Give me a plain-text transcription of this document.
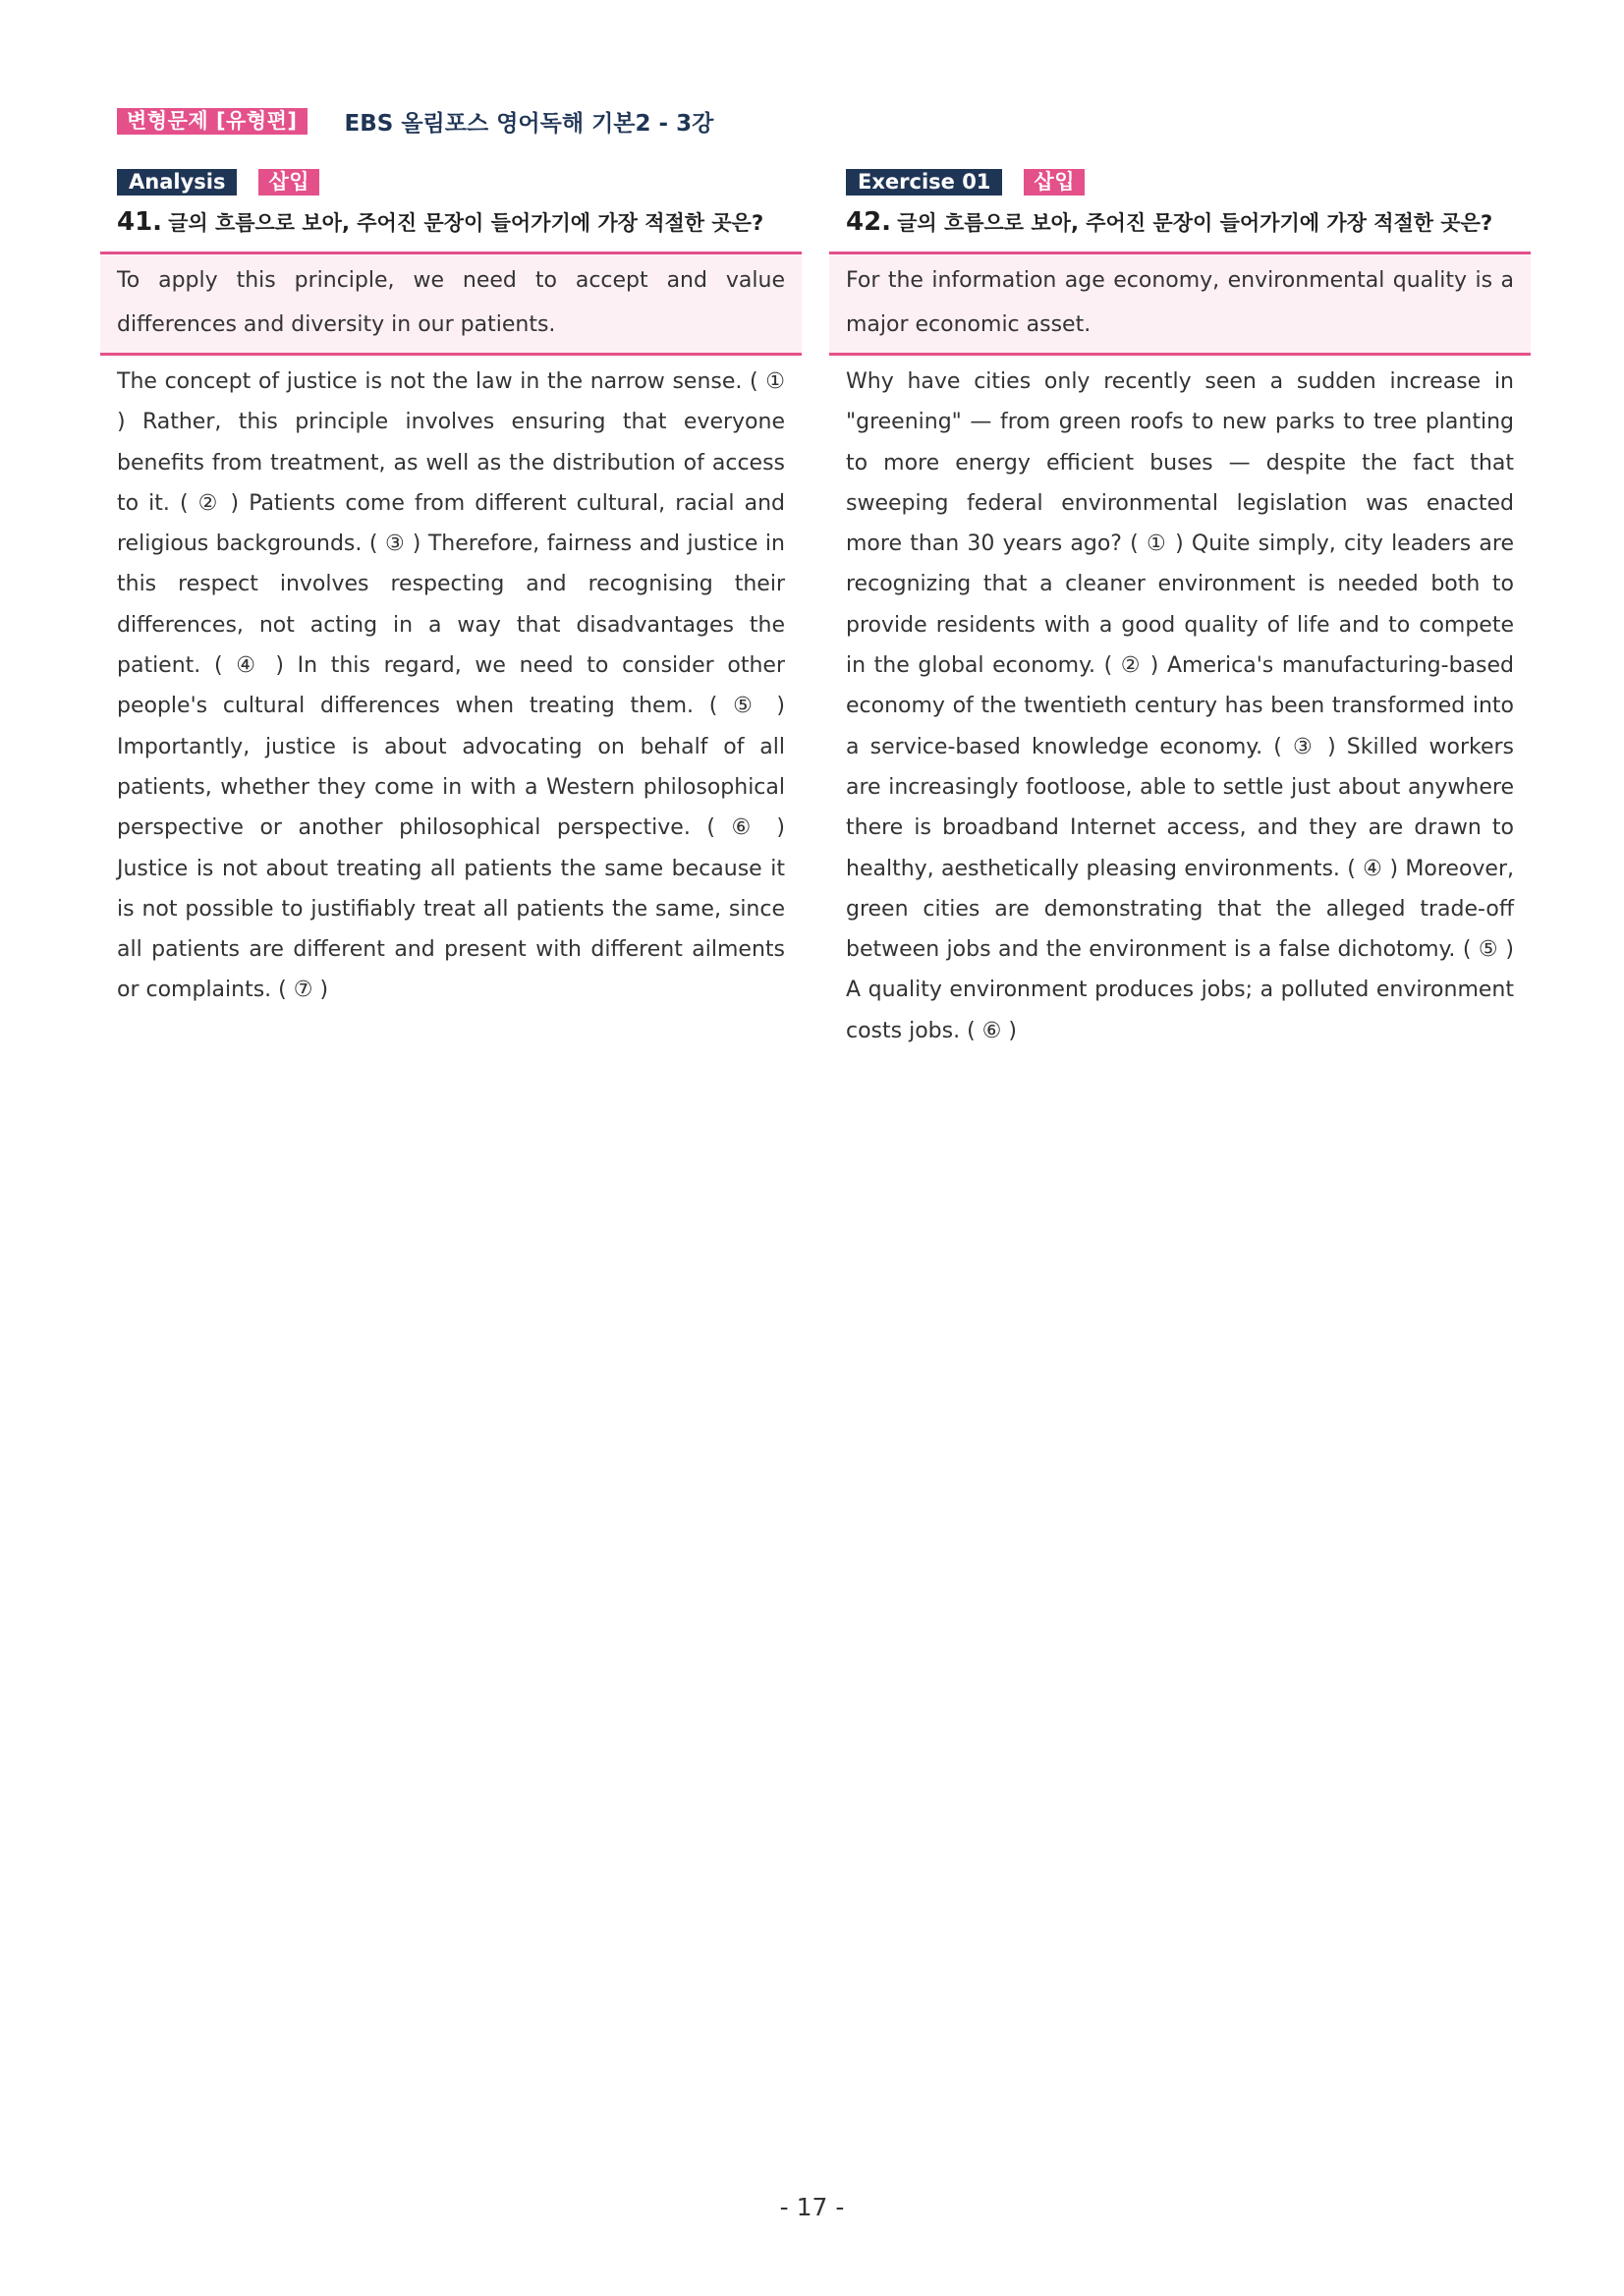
변형문제 [유형편]	EBS 올림포스 영어독해 기본2 - 3강
Analysis	삽입
41. 글의 흐름으로 보아, 주어진 문장이 들어가기에 가장 적절한 곳은?
To apply this principle, we need to accept and value differences and diversity in our patients.
The concept of justice is not the law in the narrow sense. ( ① ) Rather, this principle involves ensuring that everyone benefits from treatment, as well as the distribution of access to it. ( ② ) Patients come from different cultural, racial and religious backgrounds. ( ③ ) Therefore, fairness and justice in this respect involves respecting and recognising their differences, not acting in a way that disadvantages the patient. ( ④ ) In this regard, we need to consider other people's cultural differences when treating them. ( ⑤ ) Importantly, justice is about advocating on behalf of all patients, whether they come in with a Western philosophical perspective or another philosophical perspective. ( ⑥ ) Justice is not about treating all patients the same because it is not possible to justifiably treat all patients the same, since all patients are different and present with different ailments or complaints. ( ⑦ )
Exercise 01	삽입
42. 글의 흐름으로 보아, 주어진 문장이 들어가기에 가장 적절한 곳은?
For the information age economy, environmental quality is a major economic asset.
Why have cities only recently seen a sudden increase in "greening" — from green roofs to new parks to tree planting to more energy efficient buses — despite the fact that sweeping federal environmental legislation was enacted more than 30 years ago? ( ① ) Quite simply, city leaders are recognizing that a cleaner environment is needed both to provide residents with a good quality of life and to compete in the global economy. ( ② ) America's manufacturing-based economy of the twentieth century has been transformed into a service-based knowledge economy. ( ③ ) Skilled workers are increasingly footloose, able to settle just about anywhere there is broadband Internet access, and they are drawn to healthy, aesthetically pleasing environments. ( ④ ) Moreover, green cities are demonstrating that the alleged trade-off between jobs and the environment is a false dichotomy. ( ⑤ ) A quality environment produces jobs; a polluted environment costs jobs. ( ⑥ )
- 17 -
